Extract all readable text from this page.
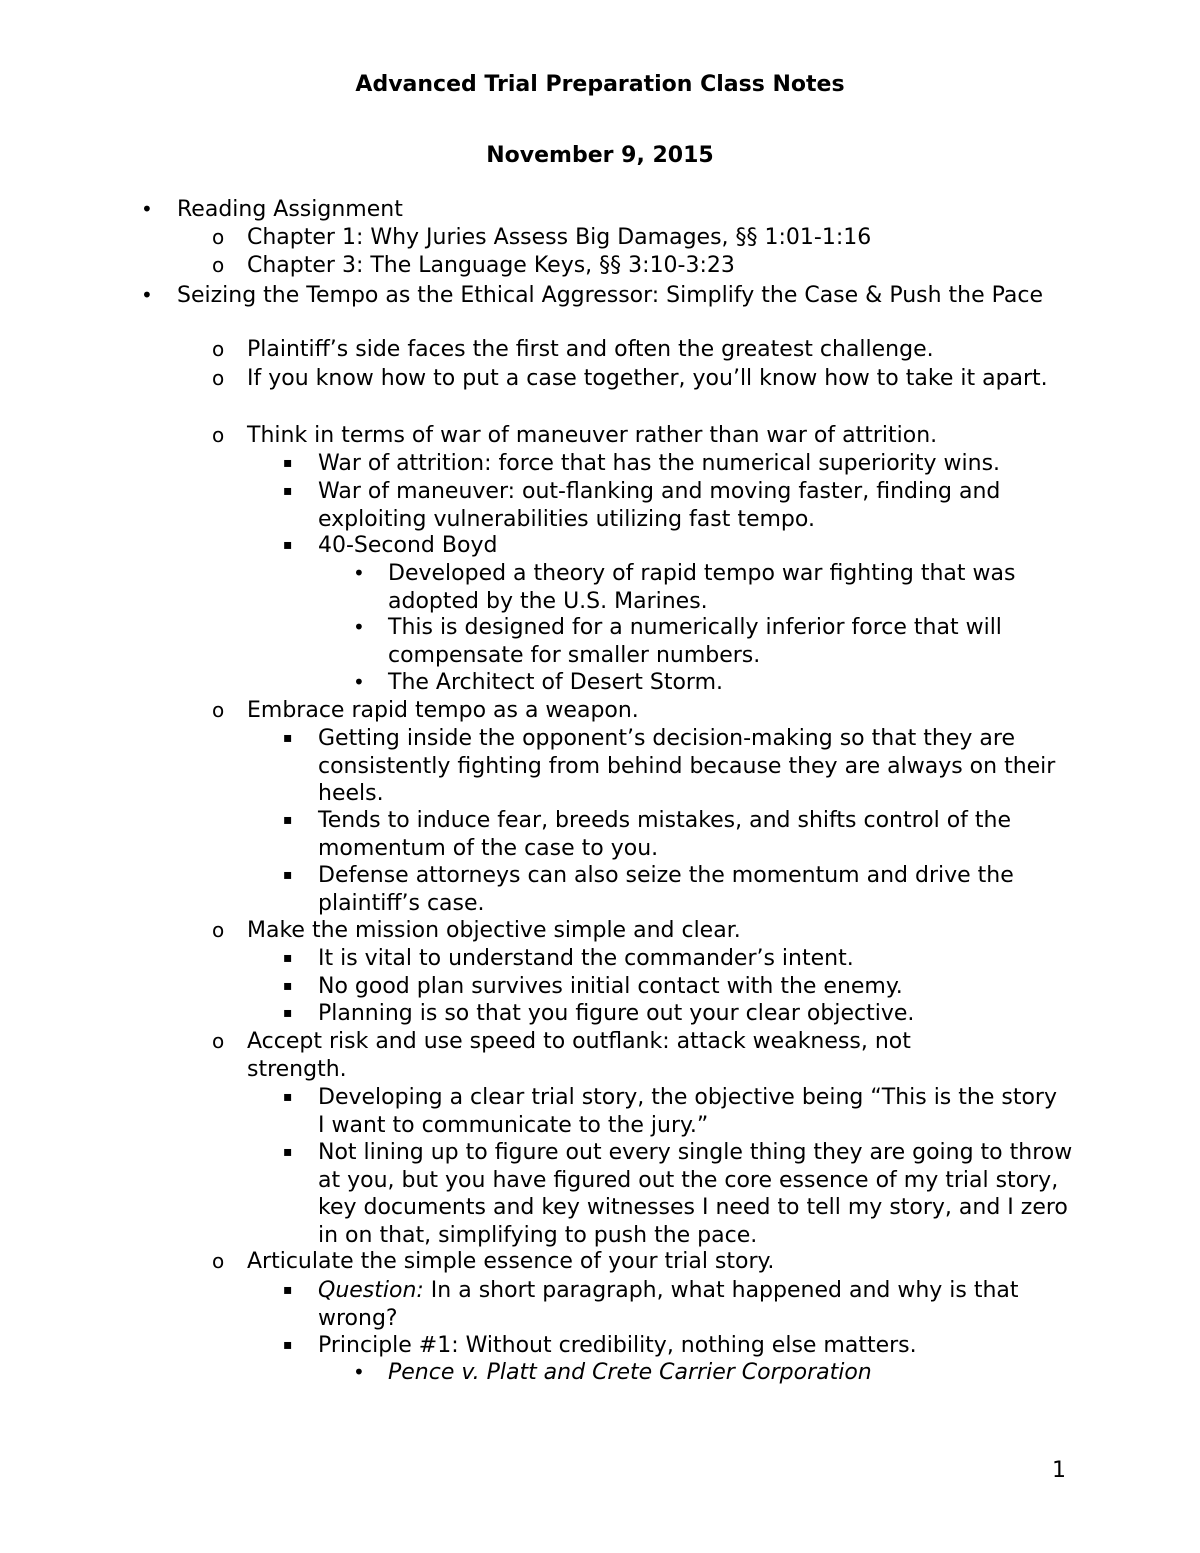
Advanced Trial Preparation Class Notes
November 9, 2015
• Reading Assignment
o Chapter 1: Why Juries Assess Big Damages, §§ 1:01-1:16
o Chapter 3: The Language Keys, §§ 3:10-3:23
• Seizing the Tempo as the Ethical Aggressor: Simplify the Case & Push the Pace
o Plaintiff’s side faces the first and often the greatest challenge.
o If you know how to put a case together, you’ll know how to take it apart.
o Think in terms of war of maneuver rather than war of attrition.
▪ War of attrition: force that has the numerical superiority wins.
▪ War of maneuver: out-flanking and moving faster, finding and exploiting vulnerabilities utilizing fast tempo.
▪ 40-Second Boyd
• Developed a theory of rapid tempo war fighting that was adopted by the U.S. Marines.
• This is designed for a numerically inferior force that will compensate for smaller numbers.
• The Architect of Desert Storm.
o Embrace rapid tempo as a weapon.
▪ Getting inside the opponent’s decision-making so that they are consistently fighting from behind because they are always on their heels.
▪ Tends to induce fear, breeds mistakes, and shifts control of the momentum of the case to you.
▪ Defense attorneys can also seize the momentum and drive the plaintiff’s case.
o Make the mission objective simple and clear.
▪ It is vital to understand the commander’s intent.
▪ No good plan survives initial contact with the enemy.
▪ Planning is so that you figure out your clear objective.
o Accept risk and use speed to outflank: attack weakness, not strength.
▪ Developing a clear trial story, the objective being “This is the story I want to communicate to the jury.”
▪ Not lining up to figure out every single thing they are going to throw at you, but you have figured out the core essence of my trial story, key documents and key witnesses I need to tell my story, and I zero in on that, simplifying to push the pace.
o Articulate the simple essence of your trial story.
▪ Question: In a short paragraph, what happened and why is that wrong?
▪ Principle #1: Without credibility, nothing else matters.
• Pence v. Platt and Crete Carrier Corporation
1
